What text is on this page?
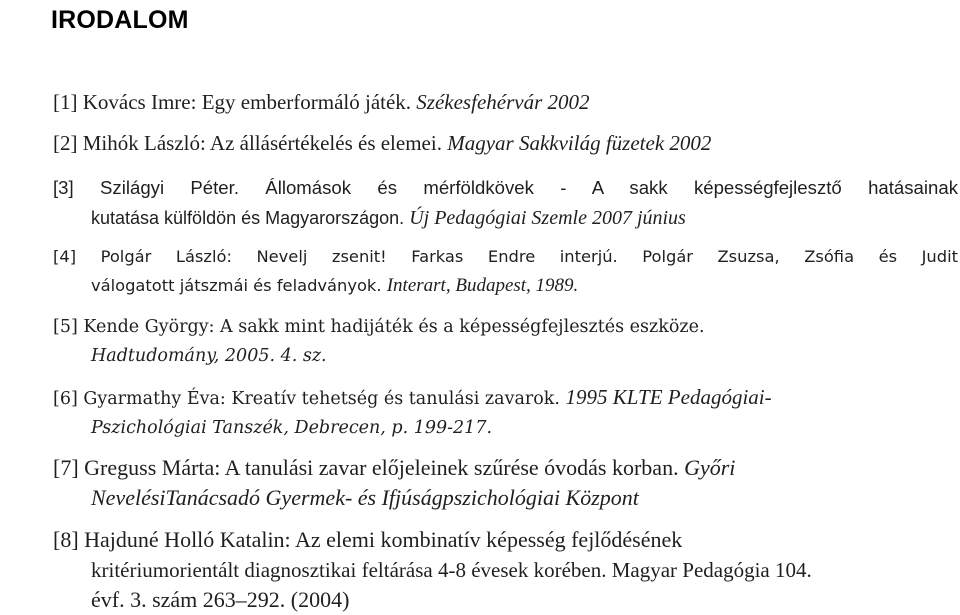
IRODALOM
[1] Kovács Imre: Egy emberformáló játék. Székesfehérvár 2002
[2] Mihók László: Az állásértékelés és elemei. Magyar Sakkvilág füzetek 2002
[3] Szilágyi Péter. Állomások és mérföldkövek - A sakk képességfejlesztő hatásainak
kutatása külföldön és Magyarországon. Új Pedagógiai Szemle 2007 június
[4] Polgár László: Nevelj zsenit! Farkas Endre interjú. Polgár Zsuzsa, Zsófia és Judit
válogatott játszmái és feladványok. Interart, Budapest, 1989.
[5] Kende György: A sakk mint hadijáték és a képességfejlesztés eszköze.
Hadtudomány, 2005. 4. sz.
[6] Gyarmathy Éva: Kreatív tehetség és tanulási zavarok. 1995 KLTE Pedagógiai-
Pszichológiai Tanszék, Debrecen, p. 199-217.
[7] Greguss Márta: A tanulási zavar előjeleinek szűrése óvodás korban. Győri
NevelésiTanácsadó Gyermek- és Ifjúságpszichológiai Központ
[8] Hajduné Holló Katalin: Az elemi kombinatív képesség fejlődésének
kritériumorientált diagnosztikai feltárása 4-8 évesek korében. Magyar Pedagógia 104.
évf. 3. szám 263–292. (2004)
